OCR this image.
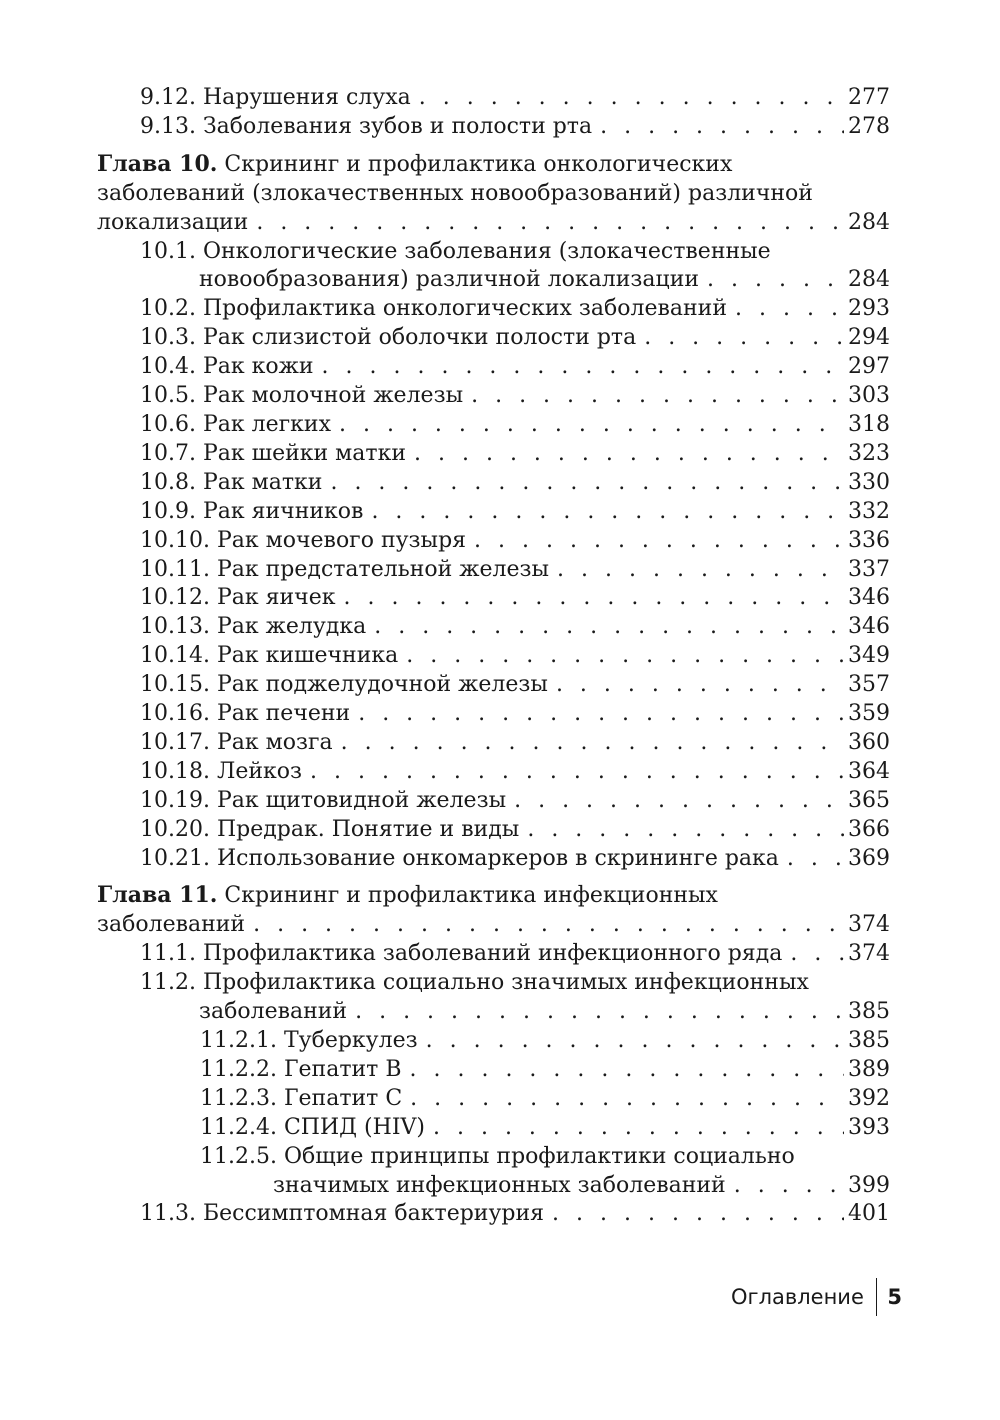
9.12. Нарушения слуха . . .	277
9.13. Заболевания зубов и полости рта . . .	278
Глава 10. Скрининг и профилактика онкологических
заболеваний (злокачественных новообразований) различной
локализации . . .	284
10.1. Онкологические заболевания (злокачественные
новообразования) различной локализации . . .	284
10.2. Профилактика онкологических заболеваний . . .	293
10.3. Рак слизистой оболочки полости рта . . .	294
10.4. Рак кожи . . .	297
10.5. Рак молочной железы . . .	303
10.6. Рак легких . . .	318
10.7. Рак шейки матки . . .	323
10.8. Рак матки . . .	330
10.9. Рак яичников . . .	332
10.10. Рак мочевого пузыря . . .	336
10.11. Рак предстательной железы . . .	337
10.12. Рак яичек . . .	346
10.13. Рак желудка . . .	346
10.14. Рак кишечника . . .	349
10.15. Рак поджелудочной железы . . .	357
10.16. Рак печени . . .	359
10.17. Рак мозга . . .	360
10.18. Лейкоз . . .	364
10.19. Рак щитовидной железы . . .	365
10.20. Предрак. Понятие и виды . . .	366
10.21. Использование онкомаркеров в скрининге рака . . .	369
Глава 11. Скрининг и профилактика инфекционных
заболеваний . . .	374
11.1. Профилактика заболеваний инфекционного ряда . . .	374
11.2. Профилактика социально значимых инфекционных
заболеваний . . .	385
11.2.1. Туберкулез . . .	385
11.2.2. Гепатит В . . .	389
11.2.3. Гепатит С . . .	392
11.2.4. СПИД (HIV) . . .	393
11.2.5. Общие принципы профилактики социально
значимых инфекционных заболеваний . . .	399
11.3. Бессимптомная бактериурия . . .	401
Оглавление 5
